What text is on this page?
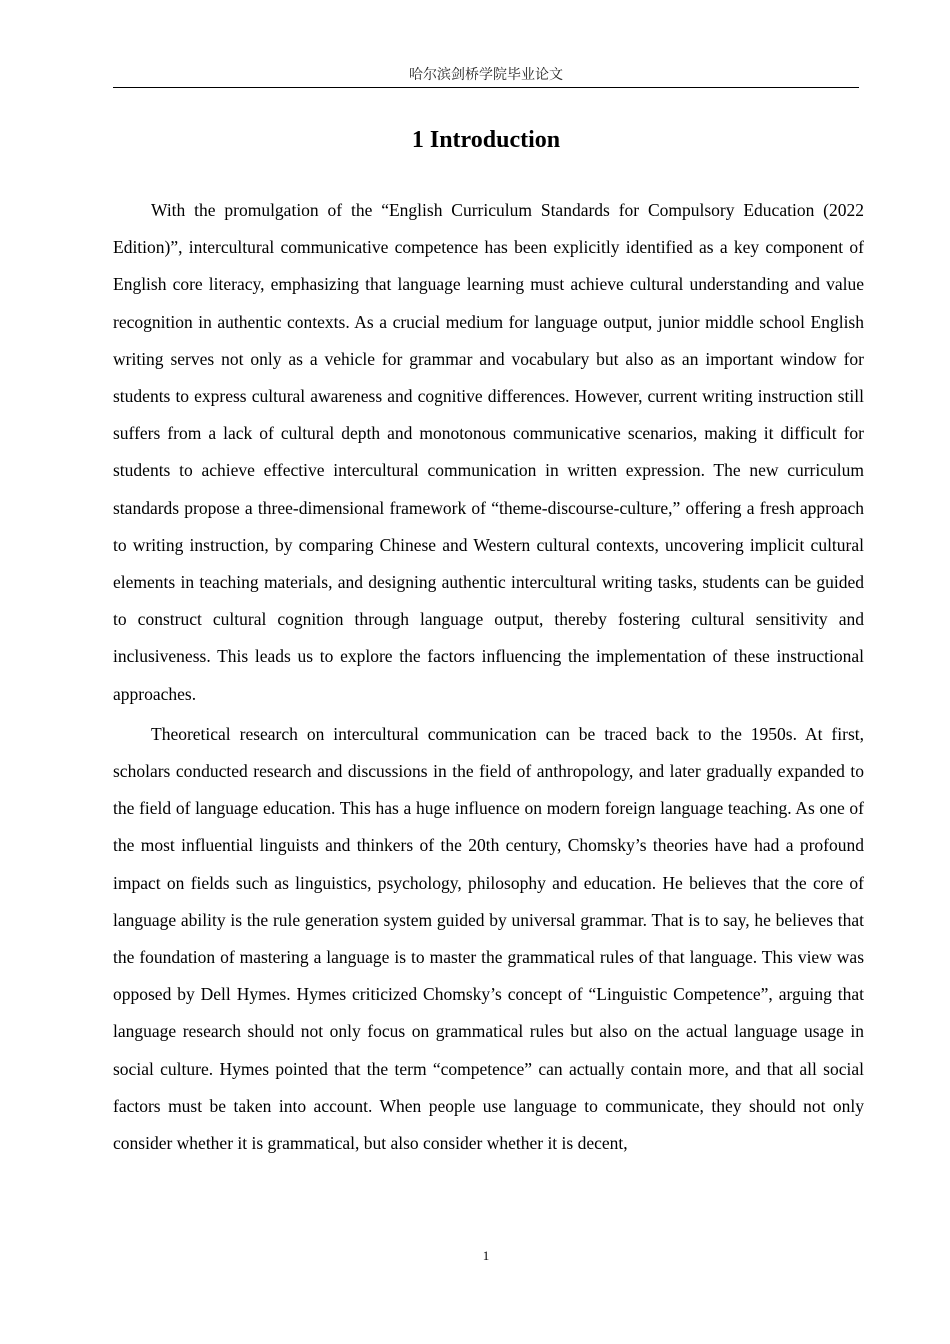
哈尔滨剑桥学院毕业论文
1 Introduction

With the promulgation of the “English Curriculum Standards for Compulsory Education (2022 Edition)”, intercultural communicative competence has been explicitly identified as a key component of English core literacy, emphasizing that language learning must achieve cultural understanding and value recognition in authentic contexts. As a crucial medium for language output, junior middle school English writing serves not only as a vehicle for grammar and vocabulary but also as an important window for students to express cultural awareness and cognitive differences. However, current writing instruction still suffers from a lack of cultural depth and monotonous communicative scenarios, making it difficult for students to achieve effective intercultural communication in written expression. The new curriculum standards propose a three-dimensional framework of “theme-discourse-culture,” offering a fresh approach to writing instruction, by comparing Chinese and Western cultural contexts, uncovering implicit cultural elements in teaching materials, and designing authentic intercultural writing tasks, students can be guided to construct cultural cognition through language output, thereby fostering cultural sensitivity and inclusiveness. This leads us to explore the factors influencing the implementation of these instructional approaches.

Theoretical research on intercultural communication can be traced back to the 1950s. At first, scholars conducted research and discussions in the field of anthropology, and later gradually expanded to the field of language education. This has a huge influence on modern foreign language teaching. As one of the most influential linguists and thinkers of the 20th century, Chomsky’s theories have had a profound impact on fields such as linguistics, psychology, philosophy and education. He believes that the core of language ability is the rule generation system guided by universal grammar. That is to say, he believes that the foundation of mastering a language is to master the grammatical rules of that language. This view was opposed by Dell Hymes. Hymes criticized Chomsky’s concept of “Linguistic Competence”, arguing that language research should not only focus on grammatical rules but also on the actual language usage in social culture. Hymes pointed that the term “competence” can actually contain more, and that all social factors must be taken into account. When people use language to communicate, they should not only consider whether it is grammatical, but also consider whether it is decent,

1
